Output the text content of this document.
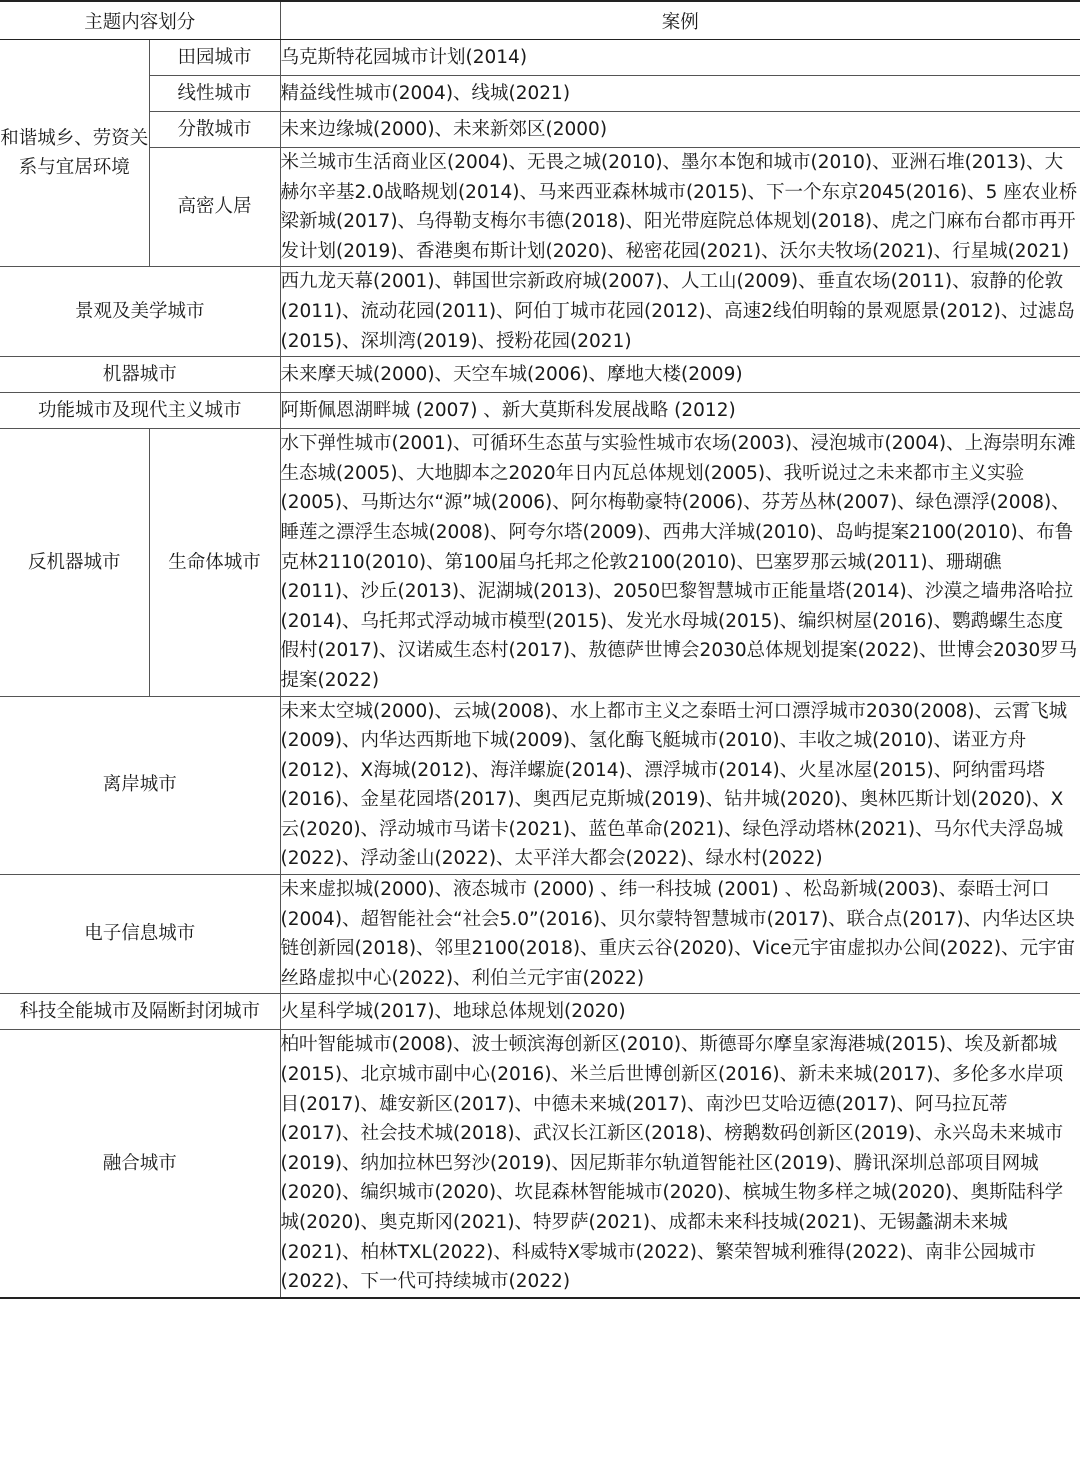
主题内容划分		案例
和谐城乡、劳资关系与宜居环境	田园城市	乌克斯特花园城市计划(2014)
	线性城市	精益线性城市(2004)、线城(2021)
	分散城市	未来边缘城(2000)、未来新郊区(2000)
	高密人居	米兰城市生活商业区(2004)、无畏之城(2010)、墨尔本饱和城市(2010)、亚洲石堆(2013)、大赫尔辛基2.0战略规划(2014)、马来西亚森林城市(2015)、下一个东京2045(2016)、5 座农业桥梁新城(2017)、乌得勒支梅尔韦德(2018)、阳光带庭院总体规划(2018)、虎之门麻布台都市再开发计划(2019)、香港奥布斯计划(2020)、秘密花园(2021)、沃尔夫牧场(2021)、行星城(2021)
景观及美学城市		西九龙天幕(2001)、韩国世宗新政府城(2007)、人工山(2009)、垂直农场(2011)、寂静的伦敦(2011)、流动花园(2011)、阿伯丁城市花园(2012)、高速2线伯明翰的景观愿景(2012)、过滤岛(2015)、深圳湾(2019)、授粉花园(2021)
机器城市		未来摩天城(2000)、天空车城(2006)、摩地大楼(2009)
功能城市及现代主义城市		阿斯佩恩湖畔城 (2007) 、新大莫斯科发展战略 (2012)
反机器城市	生命体城市	水下弹性城市(2001)、可循环生态茧与实验性城市农场(2003)、浸泡城市(2004)、上海崇明东滩生态城(2005)、大地脚本之2020年日内瓦总体规划(2005)、我听说过之未来都市主义实验(2005)、马斯达尔“源”城(2006)、阿尔梅勒豪特(2006)、芬芳丛林(2007)、绿色漂浮(2008)、睡莲之漂浮生态城(2008)、阿夸尔塔(2009)、西弗大洋城(2010)、岛屿提案2100(2010)、布鲁克林2110(2010)、第100届乌托邦之伦敦2100(2010)、巴塞罗那云城(2011)、珊瑚礁(2011)、沙丘(2013)、泥湖城(2013)、2050巴黎智慧城市正能量塔(2014)、沙漠之墙弗洛哈拉(2014)、乌托邦式浮动城市模型(2015)、发光水母城(2015)、编织树屋(2016)、鹦鹉螺生态度假村(2017)、汉诺威生态村(2017)、敖德萨世博会2030总体规划提案(2022)、世博会2030罗马提案(2022)
离岸城市		未来太空城(2000)、云城(2008)、水上都市主义之泰晤士河口漂浮城市2030(2008)、云霄飞城(2009)、内华达西斯地下城(2009)、氢化酶飞艇城市(2010)、丰收之城(2010)、诺亚方舟(2012)、X海城(2012)、海洋螺旋(2014)、漂浮城市(2014)、火星冰屋(2015)、阿纳雷玛塔(2016)、金星花园塔(2017)、奥西尼克斯城(2019)、钻井城(2020)、奥林匹斯计划(2020)、X云(2020)、浮动城市马诺卡(2021)、蓝色革命(2021)、绿色浮动塔林(2021)、马尔代夫浮岛城(2022)、浮动釜山(2022)、太平洋大都会(2022)、绿水村(2022)
电子信息城市		未来虚拟城(2000)、液态城市 (2000) 、纬一科技城 (2001) 、松岛新城(2003)、泰晤士河口(2004)、超智能社会“社会5.0”(2016)、贝尔蒙特智慧城市(2017)、联合点(2017)、内华达区块链创新园(2018)、邻里2100(2018)、重庆云谷(2020)、Vice元宇宙虚拟办公间(2022)、元宇宙丝路虚拟中心(2022)、利伯兰元宇宙(2022)
科技全能城市及隔断封闭城市		火星科学城(2017)、地球总体规划(2020)
融合城市		柏叶智能城市(2008)、波士顿滨海创新区(2010)、斯德哥尔摩皇家海港城(2015)、埃及新都城(2015)、北京城市副中心(2016)、米兰后世博创新区(2016)、新未来城(2017)、多伦多水岸项目(2017)、雄安新区(2017)、中德未来城(2017)、南沙巴艾哈迈德(2017)、阿马拉瓦蒂(2017)、社会技术城(2018)、武汉长江新区(2018)、榜鹅数码创新区(2019)、永兴岛未来城市(2019)、纳加拉林巴努沙(2019)、因尼斯菲尔轨道智能社区(2019)、腾讯深圳总部项目网城(2020)、编织城市(2020)、坎昆森林智能城市(2020)、槟城生物多样之城(2020)、奥斯陆科学城(2020)、奥克斯冈(2021)、特罗萨(2021)、成都未来科技城(2021)、无锡蠡湖未来城(2021)、柏林TXL(2022)、科威特X零城市(2022)、繁荣智城利雅得(2022)、南非公园城市(2022)、下一代可持续城市(2022)
